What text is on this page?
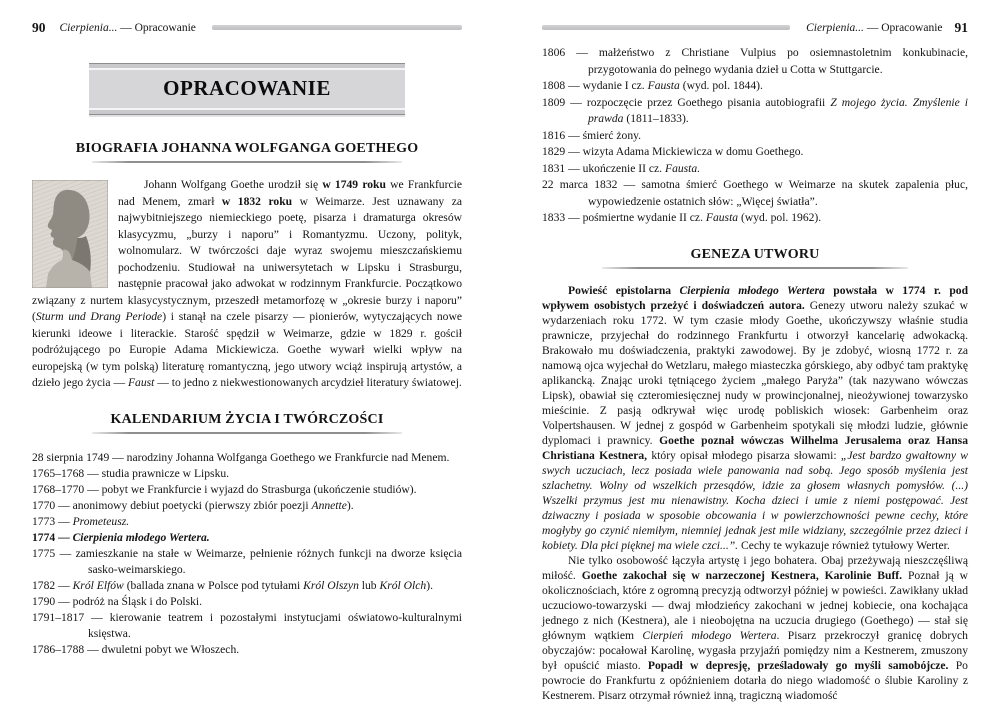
90 Cierpienia... — Opracowanie
OPRACOWANIE
BIOGRAFIA JOHANNA WOLFGANGA GOETHEGO

Johann Wolfgang Goethe urodził się w 1749 roku we Frankfurcie nad Menem, zmarł w 1832 roku w Weimarze. Jest uznawany za najwybitniejszego niemieckiego poetę, pisarza i dramaturga okresów klasycyzmu, „burzy i naporu” i Romantyzmu. Uczony, polityk, wolnomularz. W twórczości daje wyraz swojemu mieszczańskiemu pochodzeniu. Studiował na uniwersytetach w Lipsku i Strasburgu, następnie pracował jako adwokat w rodzinnym Frankfurcie. Początkowo związany z nurtem klasycystycznym, przeszedł metamorfozę w „okresie burzy i naporu” (Sturm und Drang Periode) i stanął na czele pisarzy — pionierów, wytyczających nowe kierunki ideowe i literackie. Starość spędził w Weimarze, gdzie w 1829 r. gościł podróżującego po Europie Adama Mickiewicza. Goethe wywarł wielki wpływ na europejską (w tym polską) literaturę romantyczną, jego utwory wciąż inspirują artystów, a dzieło jego życia — Faust — to jedno z niekwestionowanych arcydzieł literatury światowej.

KALENDARIUM ŻYCIA I TWÓRCZOŚCI
28 sierpnia 1749 — narodziny Johanna Wolfganga Goethego we Frankfurcie nad Menem.
1765–1768 — studia prawnicze w Lipsku.
1768–1770 — pobyt we Frankfurcie i wyjazd do Strasburga (ukończenie studiów).
1770 — anonimowy debiut poetycki (pierwszy zbiór poezji Annette).
1773 — Prometeusz.
1774 — Cierpienia młodego Wertera.
1775 — zamieszkanie na stałe w Weimarze, pełnienie różnych funkcji na dworze księcia sasko-weimarskiego.
1782 — Król Elfów (ballada znana w Polsce pod tytułami Król Olszyn lub Król Olch).
1790 — podróż na Śląsk i do Polski.
1791–1817 — kierowanie teatrem i pozostałymi instytucjami oświatowo-kulturalnymi księstwa.
1786–1788 — dwuletni pobyt we Włoszech.
Cierpienia... — Opracowanie 91
1806 — małżeństwo z Christiane Vulpius po osiemnastoletnim konkubinacie, przygotowania do pełnego wydania dzieł u Cotta w Stuttgarcie.
1808 — wydanie I cz. Fausta (wyd. pol. 1844).
1809 — rozpoczęcie przez Goethego pisania autobiografii Z mojego życia. Zmyślenie i prawda (1811–1833).
1816 — śmierć żony.
1829 — wizyta Adama Mickiewicza w domu Goethego.
1831 — ukończenie II cz. Fausta.
22 marca 1832 — samotna śmierć Goethego w Weimarze na skutek zapalenia płuc, wypowiedzenie ostatnich słów: „Więcej światła”.
1833 — pośmiertne wydanie II cz. Fausta (wyd. pol. 1962).
GENEZA UTWORU

Powieść epistolarna Cierpienia młodego Wertera powstała w 1774 r. pod wpływem osobistych przeżyć i doświadczeń autora. Genezy utworu należy szukać w wydarzeniach roku 1772. W tym czasie młody Goethe, ukończywszy właśnie studia prawnicze, przyjechał do rodzinnego Frankfurtu i otworzył kancelarię adwokacką. Brakowało mu doświadczenia, praktyki zawodowej. By je zdobyć, wiosną 1772 r. za namową ojca wyjechał do Wetzlaru, małego miasteczka górskiego, aby odbyć tam praktykę aplikancką. Znając uroki tętniącego życiem „małego Paryża” (tak nazywano wówczas Lipsk), obawiał się czteromiesięcznej nudy w prowincjonalnej, nieożywionej towarzysko mieścinie. Z pasją odkrywał więc urodę pobliskich wiosek: Garbenheim oraz Volpertshausen. W jednej z gospód w Garbenheim spotykali się młodzi ludzie, głównie dyplomaci i prawnicy. Goethe poznał wówczas Wilhelma Jerusalema oraz Hansa Christiana Kestnera, który opisał młodego pisarza słowami: „Jest bardzo gwałtowny w swych uczuciach, lecz posiada wiele panowania nad sobą. Jego sposób myślenia jest szlachetny. Wolny od wszelkich przesądów, idzie za głosem własnych pomysłów. (...) Wszelki przymus jest mu nienawistny. Kocha dzieci i umie z niemi postępować. Jest dziwaczny i posiada w sposobie obcowania i w powierzchowności pewne cechy, które mogłyby go czynić niemiłym, niemniej jednak jest mile widziany, szczególnie przez dzieci i kobiety. Dla płci pięknej ma wiele czci...”. Cechy te wykazuje również tytułowy Werter.

Nie tylko osobowość łączyła artystę i jego bohatera. Obaj przeżywają nieszczęśliwą miłość. Goethe zakochał się w narzeczonej Kestnera, Karolinie Buff. Poznał ją w okolicznościach, które z ogromną precyzją odtworzył później w powieści. Zawikłany układ uczuciowo-towarzyski — dwaj młodzieńcy zakochani w jednej kobiecie, ona kochająca jednego z nich (Kestnera), ale i nieobojętna na uczucia drugiego (Goethego) — stał się głównym wątkiem Cierpień młodego Wertera. Pisarz przekroczył granicę dobrych obyczajów: pocałował Karolinę, wygasła przyjaźń pomiędzy nim a Kestnerem, zmuszony był opuścić miasto. Popadł w depresję, prześladowały go myśli samobójcze. Po powrocie do Frankfurtu z opóźnieniem dotarła do niego wiadomość o ślubie Karoliny z Kestnerem. Pisarz otrzymał również inną, tragiczną wiadomość
